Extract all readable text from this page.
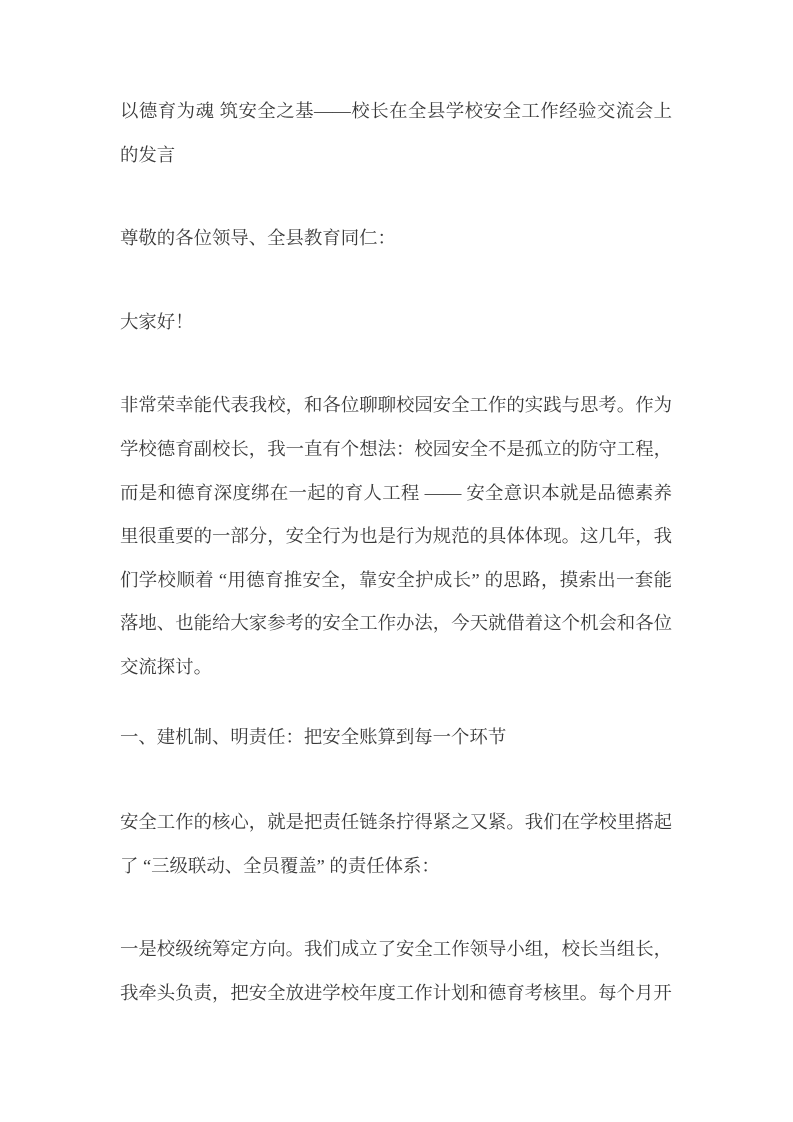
以德育为魂 筑安全之基——校长在全县学校安全工作经验交流会上的发言

尊敬的各位领导、全县教育同仁：

大家好！

非常荣幸能代表我校，和各位聊聊校园安全工作的实践与思考。作为学校德育副校长，我一直有个想法：校园安全不是孤立的防守工程，而是和德育深度绑在一起的育人工程 —— 安全意识本就是品德素养里很重要的一部分，安全行为也是行为规范的具体体现。这几年，我们学校顺着 “用德育推安全，靠安全护成长” 的思路，摸索出一套能落地、也能给大家参考的安全工作办法，今天就借着这个机会和各位交流探讨。

一、建机制、明责任：把安全账算到每一个环节

安全工作的核心，就是把责任链条拧得紧之又紧。我们在学校里搭起了 “三级联动、全员覆盖” 的责任体系：

一是校级统筹定方向。我们成立了安全工作领导小组，校长当组长，我牵头负责，把安全放进学校年度工作计划和德育考核里。每个月开
